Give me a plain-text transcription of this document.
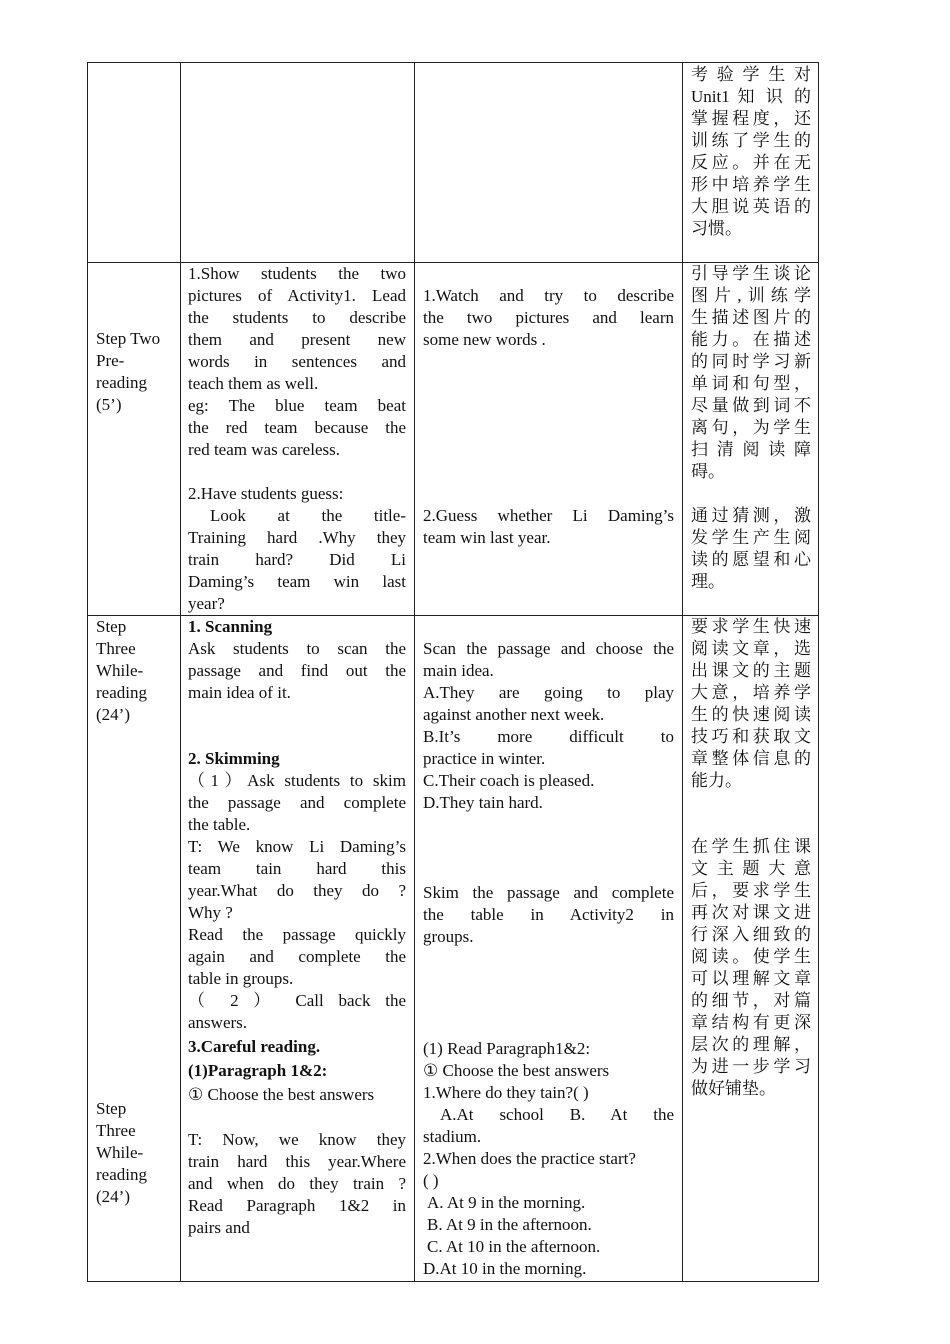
考 验 学 生 对
Unit1 知 识 的
掌握程度，还
训练了学生的
反应。并在无
形中培养学生
大胆说英语的
习惯。
Step Two
Pre-
reading
(5’)
1.Show students the two
pictures of Activity1. Lead
the students to describe
them and present new
words in sentences and
teach them as well.
eg: The blue team beat
the red team because the
red team was careless.
2.Have students guess:
Look at the title-
Training hard .Why they
train hard? Did Li
Daming’s team win last
year?
1.Watch and try to describe
the two pictures and learn
some new words .
2.Guess whether Li Daming’s
team win last year.
引导学生谈论
图片,训练学
生描述图片的
能力。在描述
的同时学习新
单词和句型，
尽量做到词不
离句，为学生
扫 清 阅 读 障
碍。
通过猜测，激
发学生产生阅
读的愿望和心
理。
Step
Three
While-
reading
(24’)
Step
Three
While-
reading
(24’)
1. Scanning
Ask students to scan the
passage and find out the
main idea of it.
2. Skimming
（1）Ask students to skim
the passage and complete
the table.
T: We know Li Daming’s
team tain hard this
year.What do they do ?
Why ?
Read the passage quickly
again and complete the
table in groups.
（ 2 ） Call back the
answers.
3.Careful reading.
(1)Paragraph 1&2:
① Choose the best answers
T: Now, we know they
train hard this year.Where
and when do they train ?
Read Paragraph 1&2 in
pairs and
Scan the passage and choose the
main idea.
A.They are going to play
against another next week.
B.It’s more difficult to
practice in winter.
C.Their coach is pleased.
D.They tain hard.
Skim the passage and complete
the table in Activity2 in
groups.
(1) Read Paragraph1&2:
① Choose the best answers
1.Where do they tain?( )
A.At school B. At the
stadium.
2.When does the practice start?
( )
A. At 9 in the morning.
B. At 9 in the afternoon.
C. At 10 in the afternoon.
D.At 10 in the morning.
要求学生快速
阅读文章，选
出课文的主题
大意，培养学
生的快速阅读
技巧和获取文
章整体信息的
能力。
在学生抓住课
文 主 题 大 意
后，要求学生
再次对课文进
行深入细致的
阅读。使学生
可以理解文章
的细节，对篇
章结构有更深
层次的理解，
为进一步学习
做好铺垫。
